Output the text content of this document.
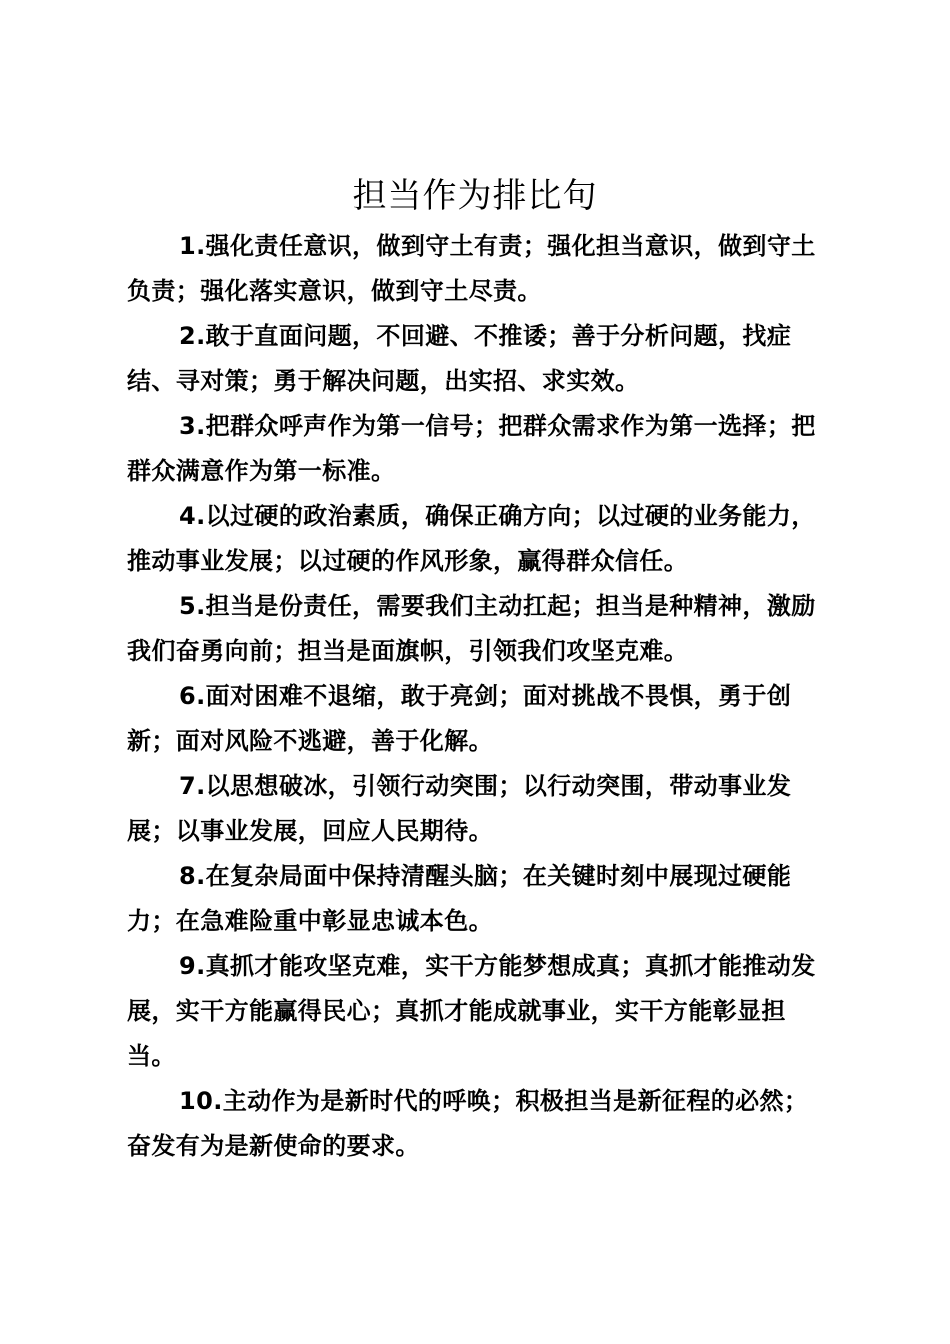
担当作为排比句

1.强化责任意识，做到守土有责；强化担当意识，做到守土负责；强化落实意识，做到守土尽责。

2.敢于直面问题，不回避、不推诿；善于分析问题，找症结、寻对策；勇于解决问题，出实招、求实效。

3.把群众呼声作为第一信号；把群众需求作为第一选择；把群众满意作为第一标准。

4.以过硬的政治素质，确保正确方向；以过硬的业务能力，推动事业发展；以过硬的作风形象，赢得群众信任。

5.担当是份责任，需要我们主动扛起；担当是种精神，激励我们奋勇向前；担当是面旗帜，引领我们攻坚克难。

6.面对困难不退缩，敢于亮剑；面对挑战不畏惧，勇于创新；面对风险不逃避，善于化解。

7.以思想破冰，引领行动突围；以行动突围，带动事业发展；以事业发展，回应人民期待。

8.在复杂局面中保持清醒头脑；在关键时刻中展现过硬能力；在急难险重中彰显忠诚本色。

9.真抓才能攻坚克难，实干方能梦想成真；真抓才能推动发展，实干方能赢得民心；真抓才能成就事业，实干方能彰显担当。

10.主动作为是新时代的呼唤；积极担当是新征程的必然；奋发有为是新使命的要求。
